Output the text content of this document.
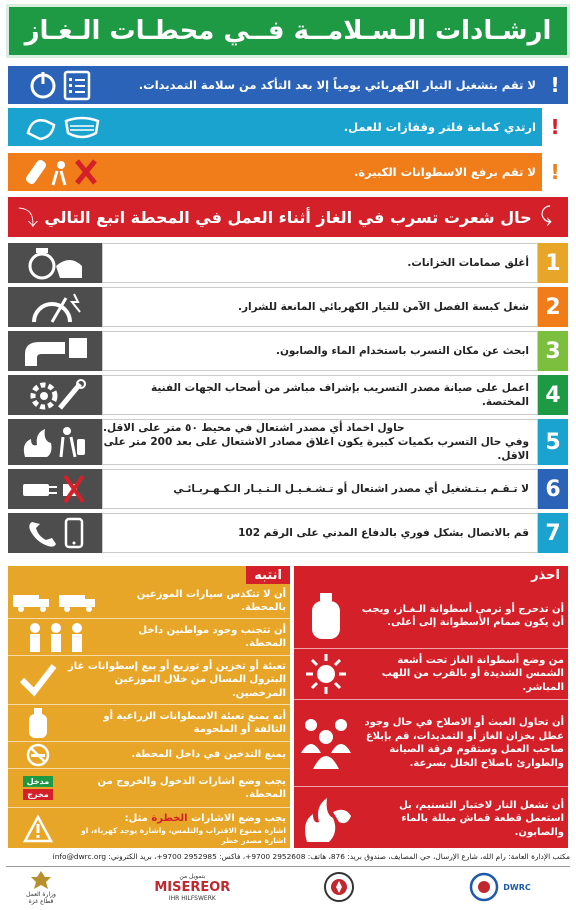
ارشـادات الـسـلامــة فــي محطـات الـغـاز
!
لا تقم بتشغيل التيار الكهربائي يومياً إلا بعد التأكد من سلامة التمديدات.
!
ارتدي كمامة فلتر وقفازات للعمل.
!
لا تقم برفع الاسطوانات الكبيرة.
حال شعرت تسرب في الغاز أثناء العمل في المحطة اتبع التالي
⤵	⤹
1
أغلق صمامات الخزانات.
2
شغل كبسة الفصل الآمن للتيار الكهربائي المانعة للشرار.
3
ابحث عن مكان التسرب باستخدام الماء والصابون.
4
اعمل على صيانة مصدر التسريب بإشراف مباشر من أصحاب الجهات الفنية المختصة.
5
حاول اخماد أي مصدر اشتعال في محيط ٥٠ متر على الاقل.
وفي حال التسرب بكميات كبيرة يكون اغلاق مصادر الاشتعال على بعد 200 متر على الاقل.
6
لا تـقـم بـتـشغيل أي مصدر اشتعال أو تـشـغـيـل الـتـيـار الـكـهـربـائـي
7
قم بالاتصال بشكل فوري بالدفاع المدني على الرقم 102
احذر
أن تدحرج أو ترمي أسطوانة الـغـاز، ويجب أن يكون صمام الأسطوانة إلى أعلى.
من وضع أسطوانة الغاز تحت أشعة الشمس الشديدة أو بالقرب من اللهب المباشر.
أن تحاول العبث أو الاصلاح في حال وجود عطل بخزان الغاز أو التمديدات، قم بإبلاغ صاحب العمل وستقوم فرقة الصيانة والطوارئ باصلاح الخلل بسرعة.
أن تشعل النار لاختبار التسنيم، بل استعمل قطعة قماش مبللة بالماء والصابون.
انتبه
أن لا تتكدس سيارات الموزعين بالمحطة.
أن تتجنب وجود مواطنين داخل المحطة.
تعبئة أو تخزين أو توزيع أو بيع إسطوانات غاز البترول المسال من خلال الموزعين المرخصين.
أنه يمنع تعبئة الاسطوانات الزراعية أو التالفة أو الملحومة
يمنع التدخين في داخل المحطة.
يجب وضع اشارات الدخول والخروج من المحطة.
مدخل
مخرج
يجب وضع الاشارات الخطرة مثل:
اشارة ممنوع الاقتراب والتلمس، واشارة يوجد كهرباء، او اشارة مصدر خطر
مكتب الإدارة العامة: رام الله، شارع الإرسال، حي المصايف، صندوق بريد: 876، هاتف: 2952608 9700+، فاكس: 2952985 9700+، بريد الكتروني: info@dwrc.org
وزارة العمل
قطاع غزة
بتمويل من
MISEREOR
IHR HILFSWERK
DWRC
